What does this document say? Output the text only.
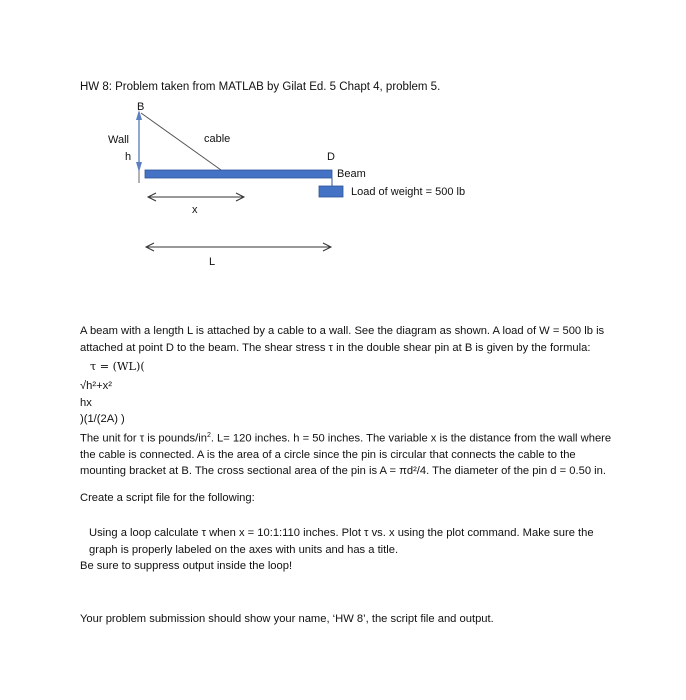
HW 8: Problem taken from MATLAB by Gilat Ed. 5 Chapt 4, problem 5.
B
Wall
h
cable
D
Beam
Load of weight = 500 lb
x
L

A beam with a length L is attached by a cable to a wall. See the diagram as shown. A load of W = 500 lb is attached at point D to the beam. The shear stress τ in the double shear pin at B is given by the formula:

τ = (WL)(

√h²+x²
hx
)(1/(2A) )

The unit for τ is pounds/$in^2$. L= 120 inches. h = 50 inches. The variable x is the distance from the wall where the cable is connected. A is the area of a circle since the pin is circular that connects the cable to the mounting bracket at B. The cross sectional area of the pin is A = πd²/4. The diameter of the pin d = 0.50 in.

Create a script file for the following:

Using a loop calculate τ when x = 10:1:110 inches. Plot τ vs. x using the plot command. Make sure the graph is properly labeled on the axes with units and has a title.

Be sure to suppress output inside the loop!

Your problem submission should show your name, ‘HW 8’, the script file and output.
